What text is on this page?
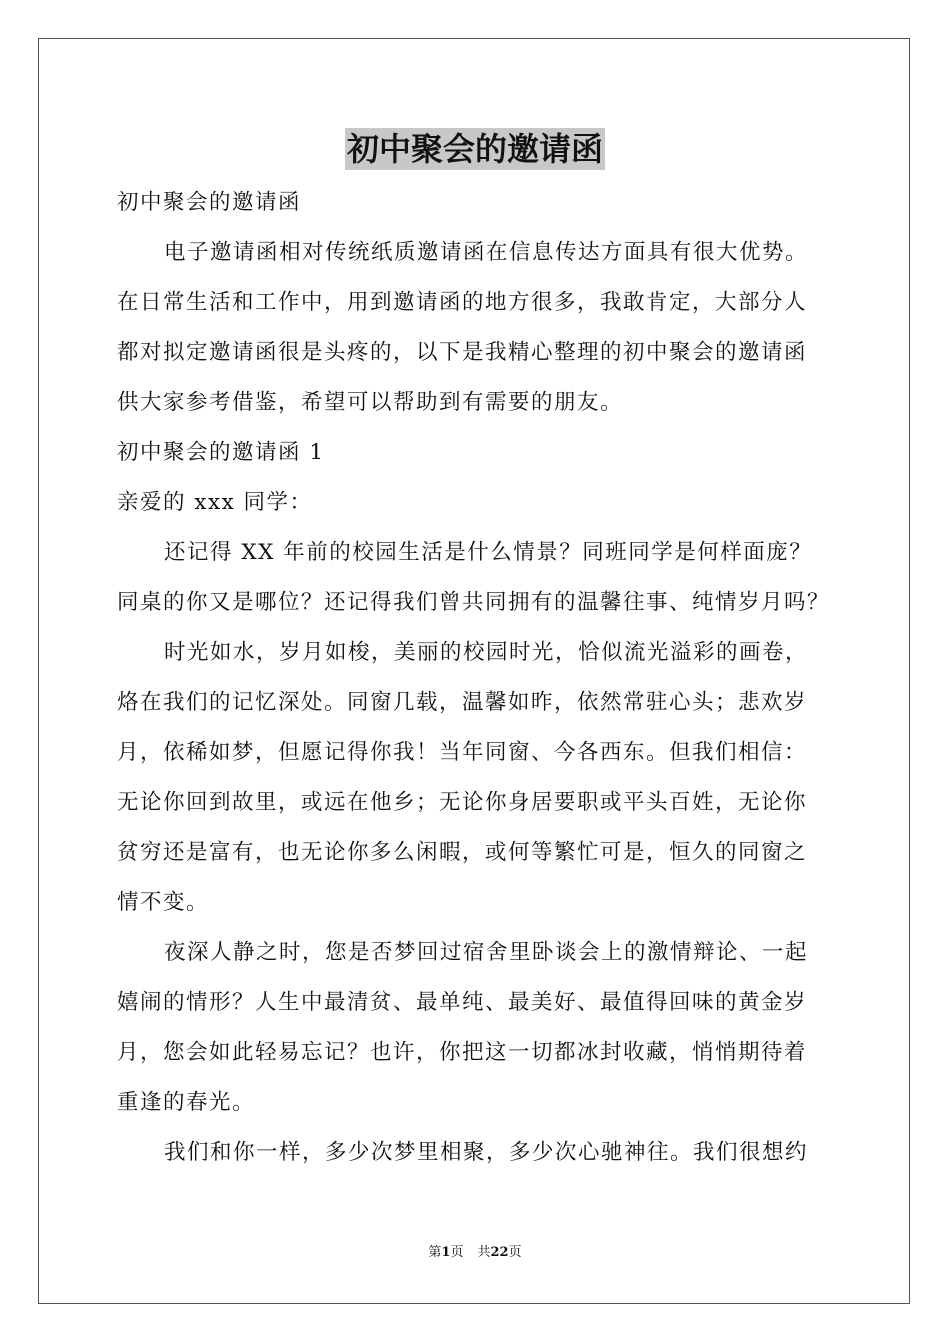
初中聚会的邀请函
初中聚会的邀请函
电子邀请函相对传统纸质邀请函在信息传达方面具有很大优势。
在日常生活和工作中，用到邀请函的地方很多，我敢肯定，大部分人
都对拟定邀请函很是头疼的，以下是我精心整理的初中聚会的邀请函
供大家参考借鉴，希望可以帮助到有需要的朋友。
初中聚会的邀请函 1
亲爱的 xxx 同学：
还记得 XX 年前的校园生活是什么情景？同班同学是何样面庞？
同桌的你又是哪位？还记得我们曾共同拥有的温馨往事、纯情岁月吗？
时光如水，岁月如梭，美丽的校园时光，恰似流光溢彩的画卷，
烙在我们的记忆深处。同窗几载，温馨如昨，依然常驻心头；悲欢岁
月，依稀如梦，但愿记得你我！当年同窗、今各西东。但我们相信：
无论你回到故里，或远在他乡；无论你身居要职或平头百姓，无论你
贫穷还是富有，也无论你多么闲暇，或何等繁忙可是，恒久的同窗之
情不变。
夜深人静之时，您是否梦回过宿舍里卧谈会上的激情辩论、一起
嬉闹的情形？人生中最清贫、最单纯、最美好、最值得回味的黄金岁
月，您会如此轻易忘记？也许，你把这一切都冰封收藏，悄悄期待着
重逢的春光。
我们和你一样，多少次梦里相聚，多少次心驰神往。我们很想约
第1页 共22页
